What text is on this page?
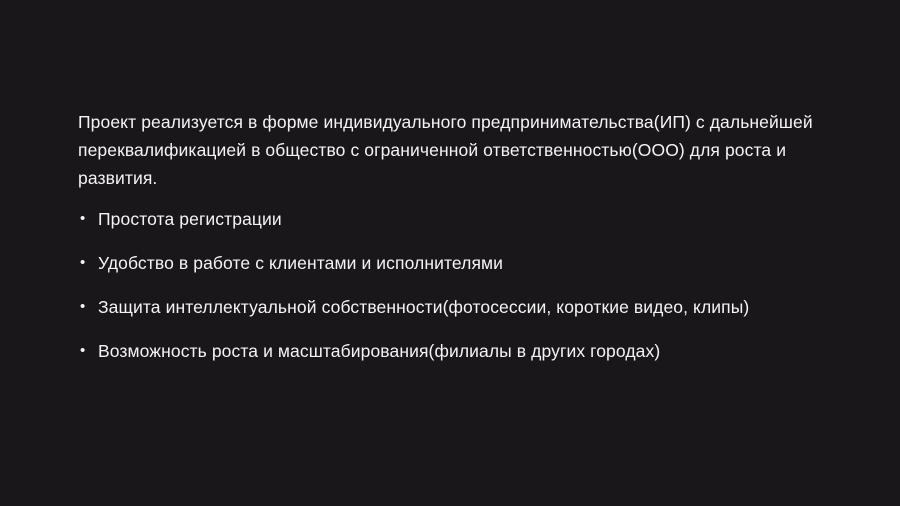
Проект реализуется в форме индивидуального предпринимательства(ИП) с дальнейшей переквалификацией в общество с ограниченной ответственностью(ООО) для роста и развития.

• Простота регистрации
• Удобство в работе с клиентами и исполнителями
• Защита интеллектуальной собственности(фотосессии, короткие видео, клипы)
• Возможность роста и масштабирования(филиалы в других городах)
